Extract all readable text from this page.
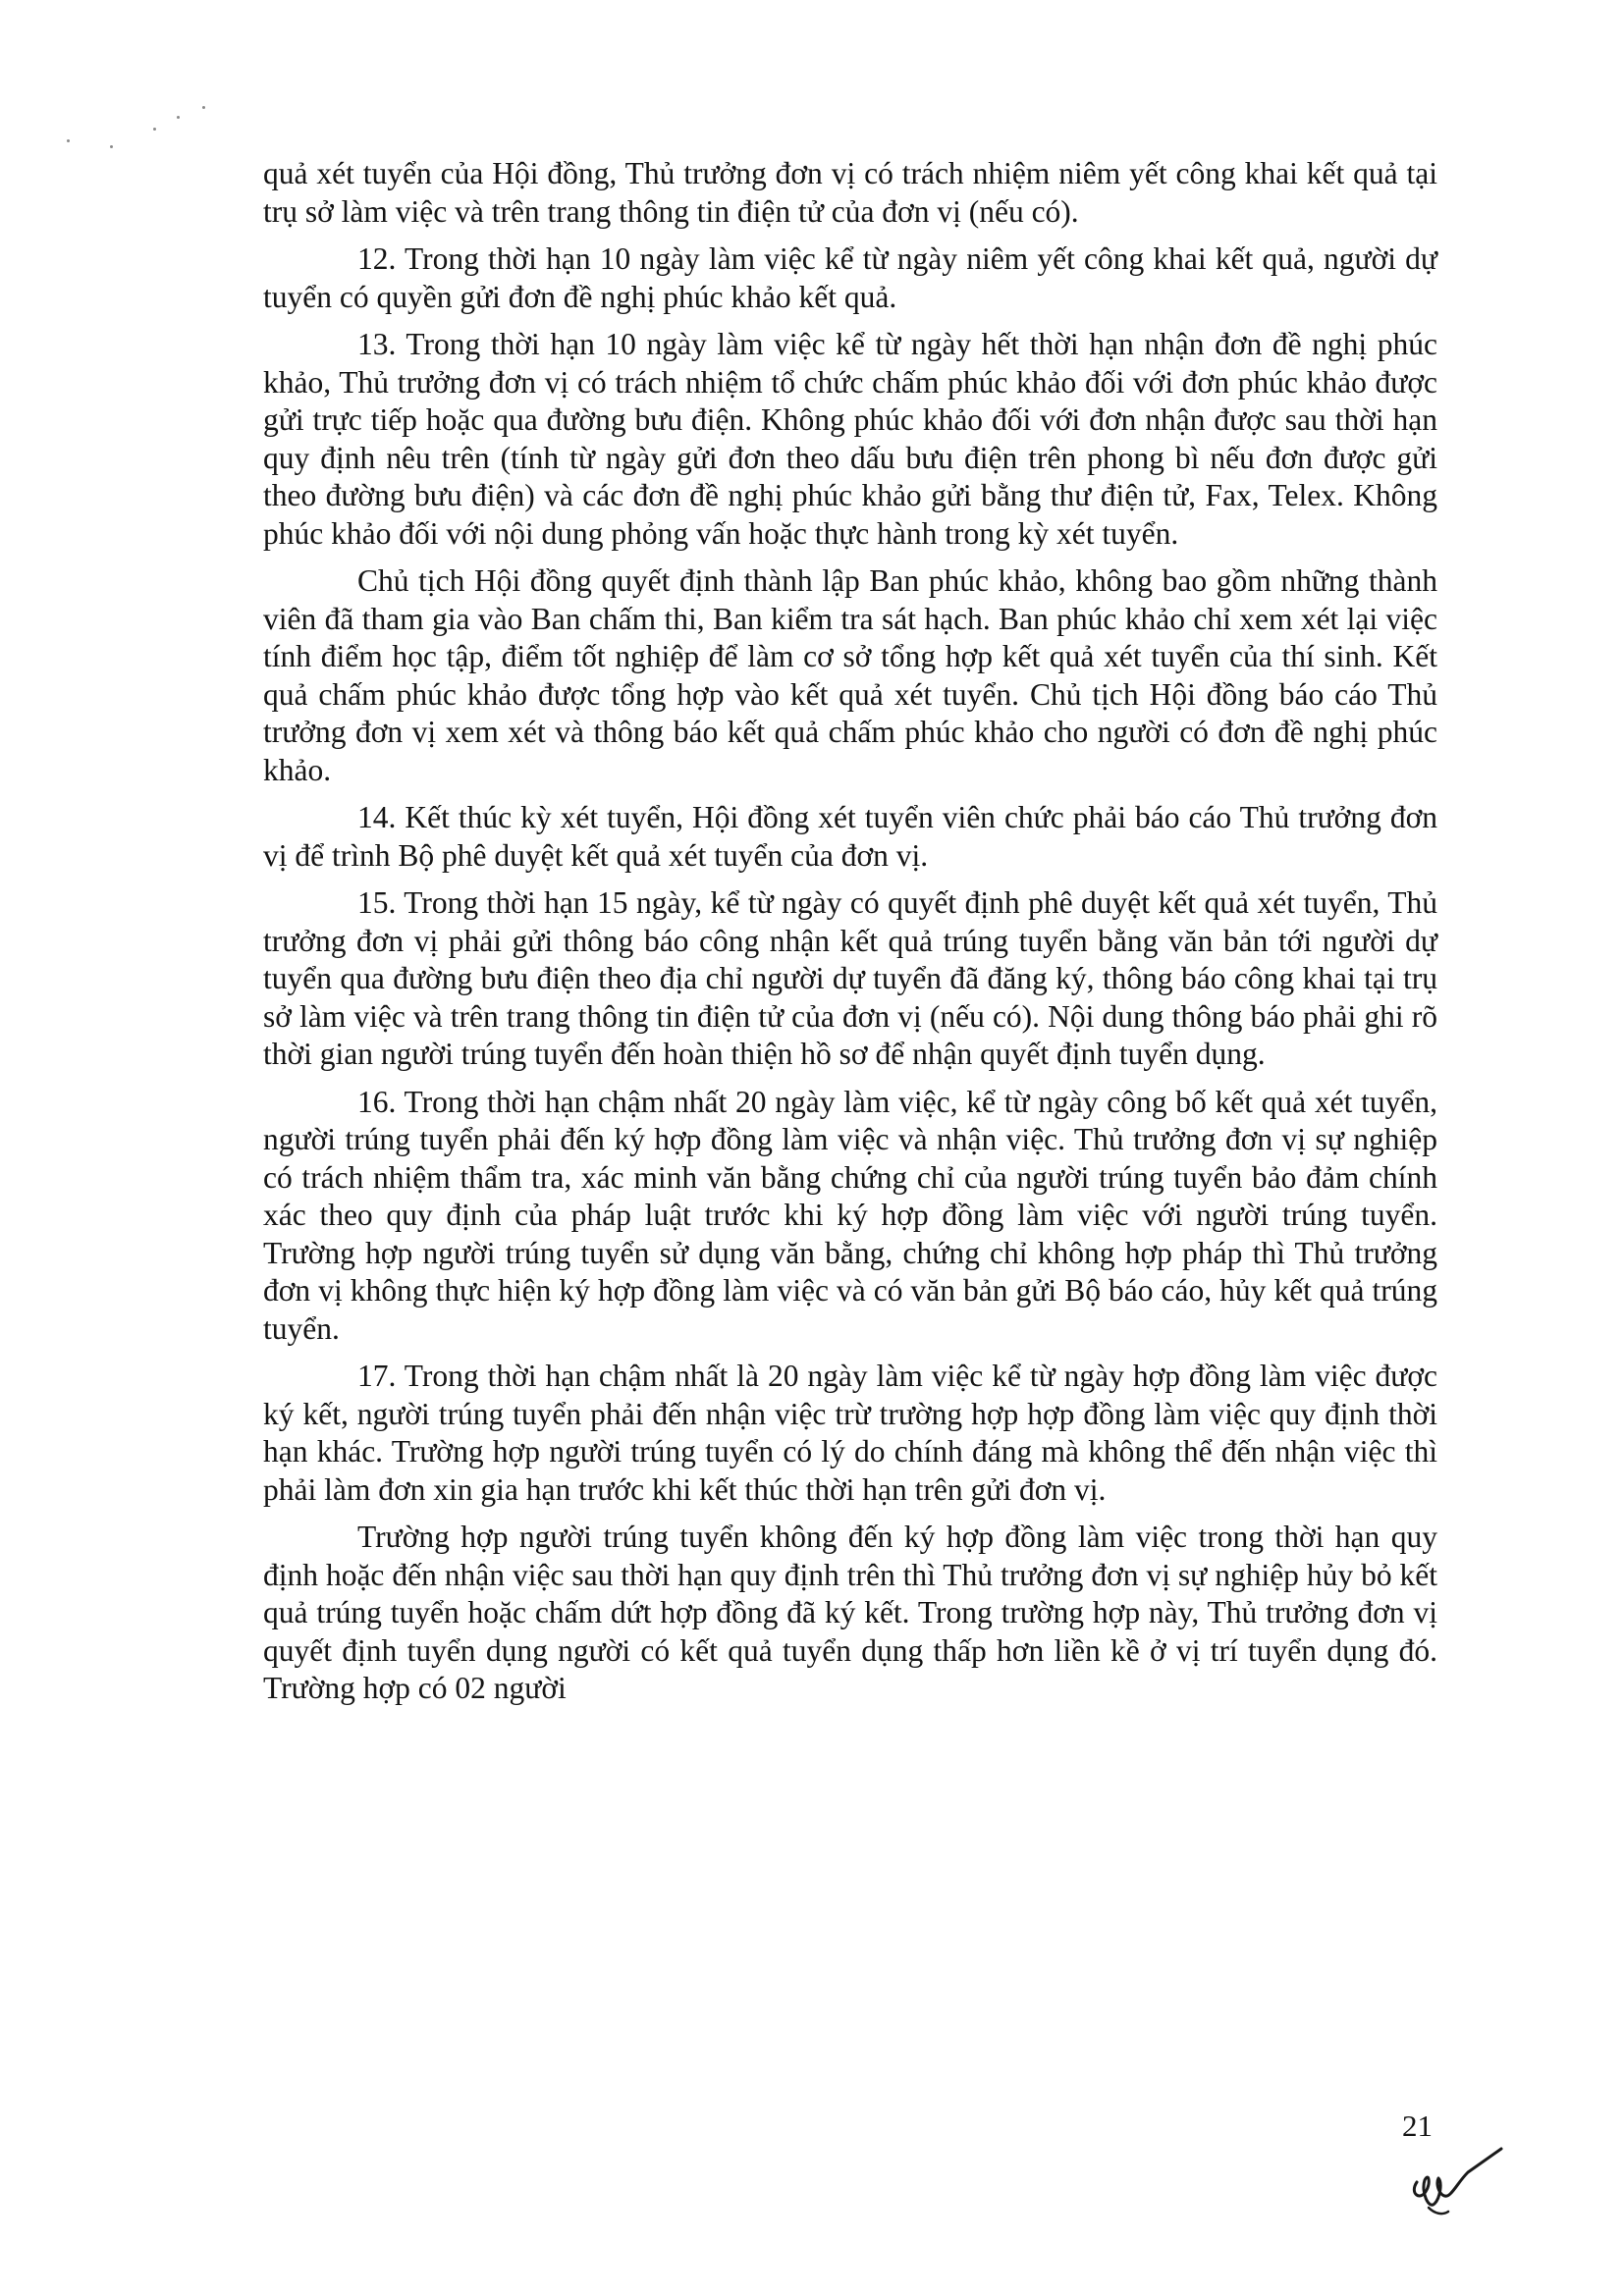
quả xét tuyển của Hội đồng, Thủ trưởng đơn vị có trách nhiệm niêm yết công khai kết quả tại trụ sở làm việc và trên trang thông tin điện tử của đơn vị (nếu có).

12. Trong thời hạn 10 ngày làm việc kể từ ngày niêm yết công khai kết quả, người dự tuyển có quyền gửi đơn đề nghị phúc khảo kết quả.

13. Trong thời hạn 10 ngày làm việc kể từ ngày hết thời hạn nhận đơn đề nghị phúc khảo, Thủ trưởng đơn vị có trách nhiệm tổ chức chấm phúc khảo đối với đơn phúc khảo được gửi trực tiếp hoặc qua đường bưu điện. Không phúc khảo đối với đơn nhận được sau thời hạn quy định nêu trên (tính từ ngày gửi đơn theo dấu bưu điện trên phong bì nếu đơn được gửi theo đường bưu điện) và các đơn đề nghị phúc khảo gửi bằng thư điện tử, Fax, Telex. Không phúc khảo đối với nội dung phỏng vấn hoặc thực hành trong kỳ xét tuyển.

Chủ tịch Hội đồng quyết định thành lập Ban phúc khảo, không bao gồm những thành viên đã tham gia vào Ban chấm thi, Ban kiểm tra sát hạch. Ban phúc khảo chỉ xem xét lại việc tính điểm học tập, điểm tốt nghiệp để làm cơ sở tổng hợp kết quả xét tuyển của thí sinh. Kết quả chấm phúc khảo được tổng hợp vào kết quả xét tuyển. Chủ tịch Hội đồng báo cáo Thủ trưởng đơn vị xem xét và thông báo kết quả chấm phúc khảo cho người có đơn đề nghị phúc khảo.

14. Kết thúc kỳ xét tuyển, Hội đồng xét tuyển viên chức phải báo cáo Thủ trưởng đơn vị để trình Bộ phê duyệt kết quả xét tuyển của đơn vị.

15. Trong thời hạn 15 ngày, kể từ ngày có quyết định phê duyệt kết quả xét tuyển, Thủ trưởng đơn vị phải gửi thông báo công nhận kết quả trúng tuyển bằng văn bản tới người dự tuyển qua đường bưu điện theo địa chỉ người dự tuyển đã đăng ký, thông báo công khai tại trụ sở làm việc và trên trang thông tin điện tử của đơn vị (nếu có). Nội dung thông báo phải ghi rõ thời gian người trúng tuyển đến hoàn thiện hồ sơ để nhận quyết định tuyển dụng.

16. Trong thời hạn chậm nhất 20 ngày làm việc, kể từ ngày công bố kết quả xét tuyển, người trúng tuyển phải đến ký hợp đồng làm việc và nhận việc. Thủ trưởng đơn vị sự nghiệp có trách nhiệm thẩm tra, xác minh văn bằng chứng chỉ của người trúng tuyển bảo đảm chính xác theo quy định của pháp luật trước khi ký hợp đồng làm việc với người trúng tuyển. Trường hợp người trúng tuyển sử dụng văn bằng, chứng chỉ không hợp pháp thì Thủ trưởng đơn vị không thực hiện ký hợp đồng làm việc và có văn bản gửi Bộ báo cáo, hủy kết quả trúng tuyển.

17. Trong thời hạn chậm nhất là 20 ngày làm việc kể từ ngày hợp đồng làm việc được ký kết, người trúng tuyển phải đến nhận việc trừ trường hợp hợp đồng làm việc quy định thời hạn khác. Trường hợp người trúng tuyển có lý do chính đáng mà không thể đến nhận việc thì phải làm đơn xin gia hạn trước khi kết thúc thời hạn trên gửi đơn vị.

Trường hợp người trúng tuyển không đến ký hợp đồng làm việc trong thời hạn quy định hoặc đến nhận việc sau thời hạn quy định trên thì Thủ trưởng đơn vị sự nghiệp hủy bỏ kết quả trúng tuyển hoặc chấm dứt hợp đồng đã ký kết. Trong trường hợp này, Thủ trưởng đơn vị quyết định tuyển dụng người có kết quả tuyển dụng thấp hơn liền kề ở vị trí tuyển dụng đó. Trường hợp có 02 người

21
